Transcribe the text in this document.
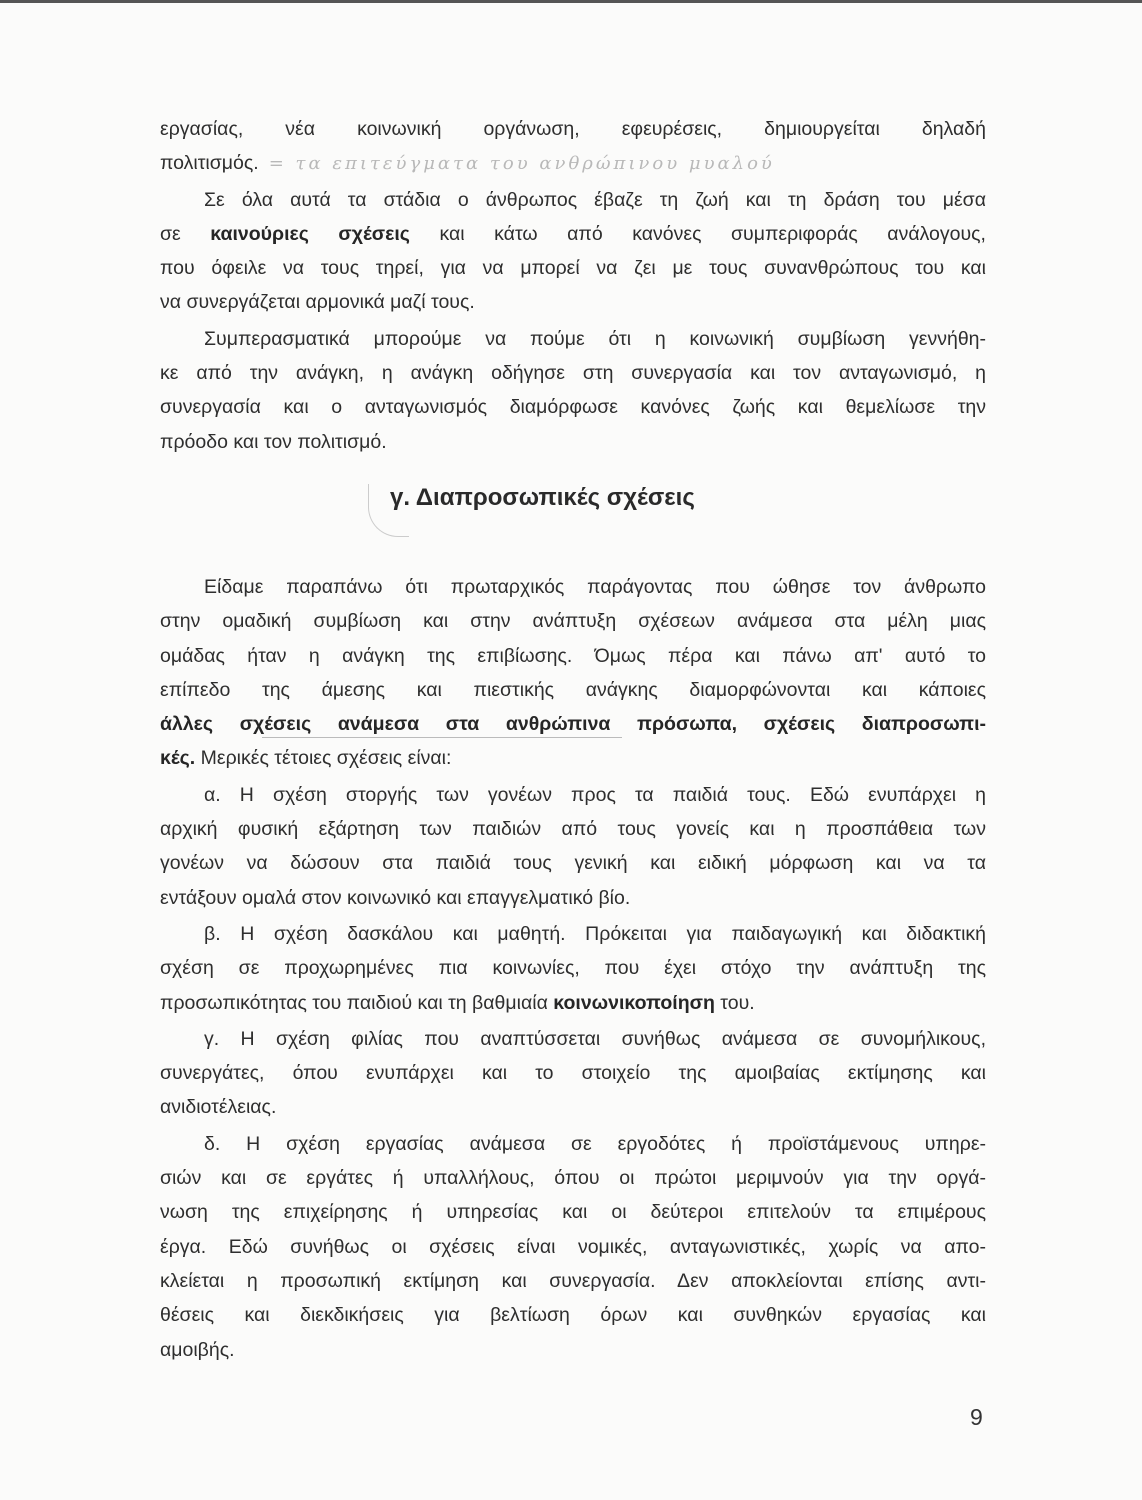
εργασίας, νέα κοινωνική οργάνωση, εφευρέσεις, δημιουργείται δηλαδή
πολιτισμός. = τα επιτεύγματα του ανθρώπινου μυαλού
Σε όλα αυτά τα στάδια ο άνθρωπος έβαζε τη ζωή και τη δράση του μέσα
σε καινούριες σχέσεις και κάτω από κανόνες συμπεριφοράς ανάλογους,
που όφειλε να τους τηρεί, για να μπορεί να ζει με τους συνανθρώπους του και
να συνεργάζεται αρμονικά μαζί τους.
Συμπερασματικά μπορούμε να πούμε ότι η κοινωνική συμβίωση γεννήθη-
κε από την ανάγκη, η ανάγκη οδήγησε στη συνεργασία και τον ανταγωνισμό, η
συνεργασία και ο ανταγωνισμός διαμόρφωσε κανόνες ζωής και θεμελίωσε την
πρόοδο και τον πολιτισμό.
γ. Διαπροσωπικές σχέσεις
Είδαμε παραπάνω ότι πρωταρχικός παράγοντας που ώθησε τον άνθρωπο
στην ομαδική συμβίωση και στην ανάπτυξη σχέσεων ανάμεσα στα μέλη μιας
ομάδας ήταν η ανάγκη της επιβίωσης. Όμως πέρα και πάνω απ' αυτό το
επίπεδο της άμεσης και πιεστικής ανάγκης διαμορφώνονται και κάποιες
άλλες σχέσεις ανάμεσα στα ανθρώπινα πρόσωπα, σχέσεις διαπροσωπι-
κές. Μερικές τέτοιες σχέσεις είναι:
α. Η σχέση στοργής των γονέων προς τα παιδιά τους. Εδώ ενυπάρχει η
αρχική φυσική εξάρτηση των παιδιών από τους γονείς και η προσπάθεια των
γονέων να δώσουν στα παιδιά τους γενική και ειδική μόρφωση και να τα
εντάξουν ομαλά στον κοινωνικό και επαγγελματικό βίο.
β. Η σχέση δασκάλου και μαθητή. Πρόκειται για παιδαγωγική και διδακτική
σχέση σε προχωρημένες πια κοινωνίες, που έχει στόχο την ανάπτυξη της
προσωπικότητας του παιδιού και τη βαθμιαία κοινωνικοποίηση του.
γ. Η σχέση φιλίας που αναπτύσσεται συνήθως ανάμεσα σε συνομήλικους,
συνεργάτες, όπου ενυπάρχει και το στοιχείο της αμοιβαίας εκτίμησης και
ανιδιοτέλειας.
δ. Η σχέση εργασίας ανάμεσα σε εργοδότες ή προϊστάμενους υπηρε-
σιών και σε εργάτες ή υπαλλήλους, όπου οι πρώτοι μεριμνούν για την οργά-
νωση της επιχείρησης ή υπηρεσίας και οι δεύτεροι επιτελούν τα επιμέρους
έργα. Εδώ συνήθως οι σχέσεις είναι νομικές, ανταγωνιστικές, χωρίς να απο-
κλείεται η προσωπική εκτίμηση και συνεργασία. Δεν αποκλείονται επίσης αντι-
θέσεις και διεκδικήσεις για βελτίωση όρων και συνθηκών εργασίας και
αμοιβής.
9
